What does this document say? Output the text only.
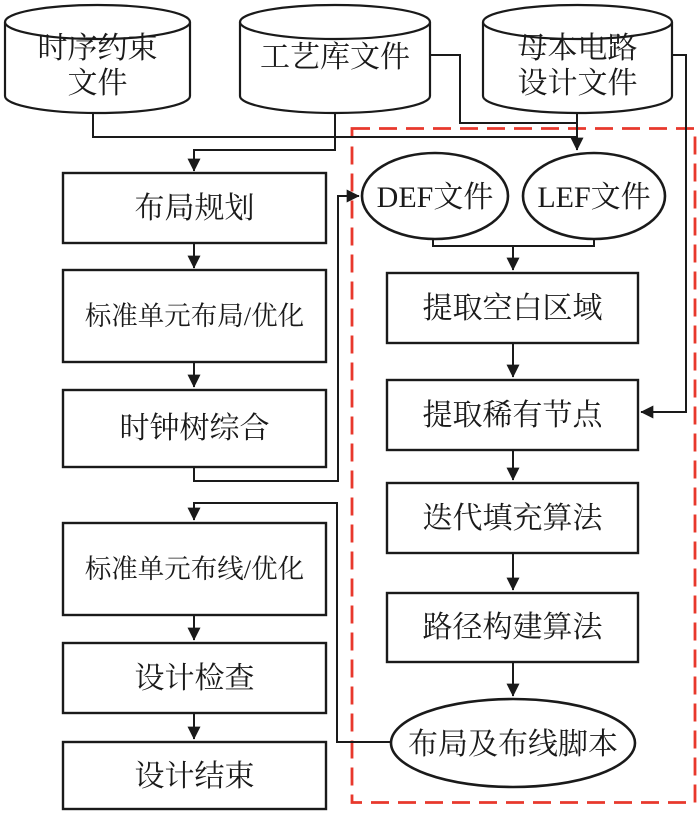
时序约束
文件
工艺库文件	母本电路
设计文件
布局规划
标准单元布局/优化
时钟树综合
标准单元布线/优化
设计检查
设计结束
DEF文件 LEF文件
提取空白区域
提取稀有节点
迭代填充算法
路径构建算法
布局及布线脚本
